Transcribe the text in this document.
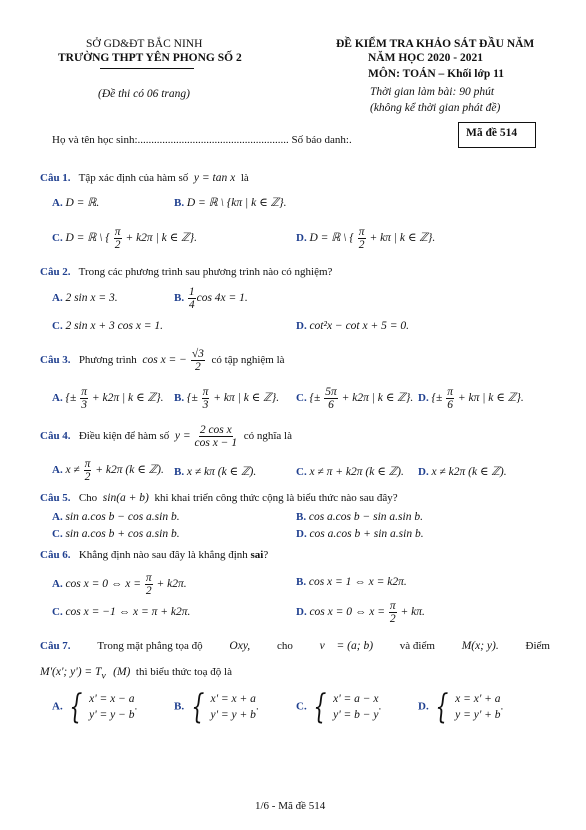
SỞ GD&ĐT BẮC NINH
TRƯỜNG THPT YÊN PHONG SỐ 2
(Đề thi có 06 trang)
ĐỀ KIỂM TRA KHẢO SÁT ĐẦU NĂM
NĂM HỌC 2020 - 2021
MÔN: TOÁN – Khối lớp 11
Thời gian làm bài: 90 phút
(không kể thời gian phát đề)
Họ và tên học sinh:....................................................... Số báo danh:.
Mã đề 514
Câu 1. Tập xác định của hàm số  y = tan x  là
A. D = ℝ.	B. D = ℝ \ {kπ | k ∈ ℤ}.
C. D = ℝ \ { $\frac{\pi}{2} + k2\pi$ | k ∈ ℤ}.	D. D = ℝ \ { $\frac{\pi}{2} + k\pi$ | k ∈ ℤ}.
Câu 2. Trong các phương trình sau phương trình nào có nghiệm?
A. 2 sin x = 3.	B. $\frac{1}{4}$ cos 4x = 1.
C. 2 sin x + 3 cos x = 1.	D. cot²x − cot x + 5 = 0.
Câu 3. Phương trình  cos x = − $\frac{√3}{2}$ có tập nghiệm là
A. {± $\frac{\pi}{3} + k2\pi$ | k ∈ ℤ}. B. {± $\frac{\pi}{3} + k\pi$ | k ∈ ℤ}. C. {± $\frac{5\pi}{6} + k2\pi$ | k ∈ ℤ}. D. {± $\frac{\pi}{6} + k\pi$ | k ∈ ℤ}.
Câu 4. Điều kiện để hàm số  $y = \frac{\text{2 cos x}}{\text{cos x − 1}}$ có nghĩa là
A. $x \ne \frac{\pi}{2} + k2\pi$ (k ∈ ℤ). B. x ≠ kπ (k ∈ ℤ).	C. x ≠ π + k2π (k ∈ ℤ). D. x ≠ k2π (k ∈ ℤ).
Câu 5. Cho  sin(a + b)  khi khai triển công thức cộng là biểu thức nào sau đây?
A. sin a.cos b − cos a.sin b.	B. cos a.cos b − sin a.sin b.
C. sin a.cos b + cos a.sin b.	D. cos a.cos b + sin a.sin b.
Câu 6. Khẳng định nào sau đây là khẳng định sai?
A. cos x = 0 ⇔ $x = \frac{\pi}{2} + k2\pi$.	B. cos x = 1 ⇔ x = k2π.
C. cos x = −1 ⇔ x = π + k2π.	D. cos x = 0 ⇔ $x = \frac{\pi}{2} + k\pi$.
Câu 7. Trong mặt phẳng tọa độ Oxy, cho v⃗ = (a; b) và điểm M(x; y). Điểm
M'(x'; $y') = T_{v⃗}(M)$ thì biểu thức toạ độ là
A. { x' = x − a
y' = y − b
.	B. { x' = x + a
y' = y + b
.	C. { x' = a − x
y' = b − y
.	D. { x = x' + a
y = y' + b
.
1/6 - Mã đề 514
